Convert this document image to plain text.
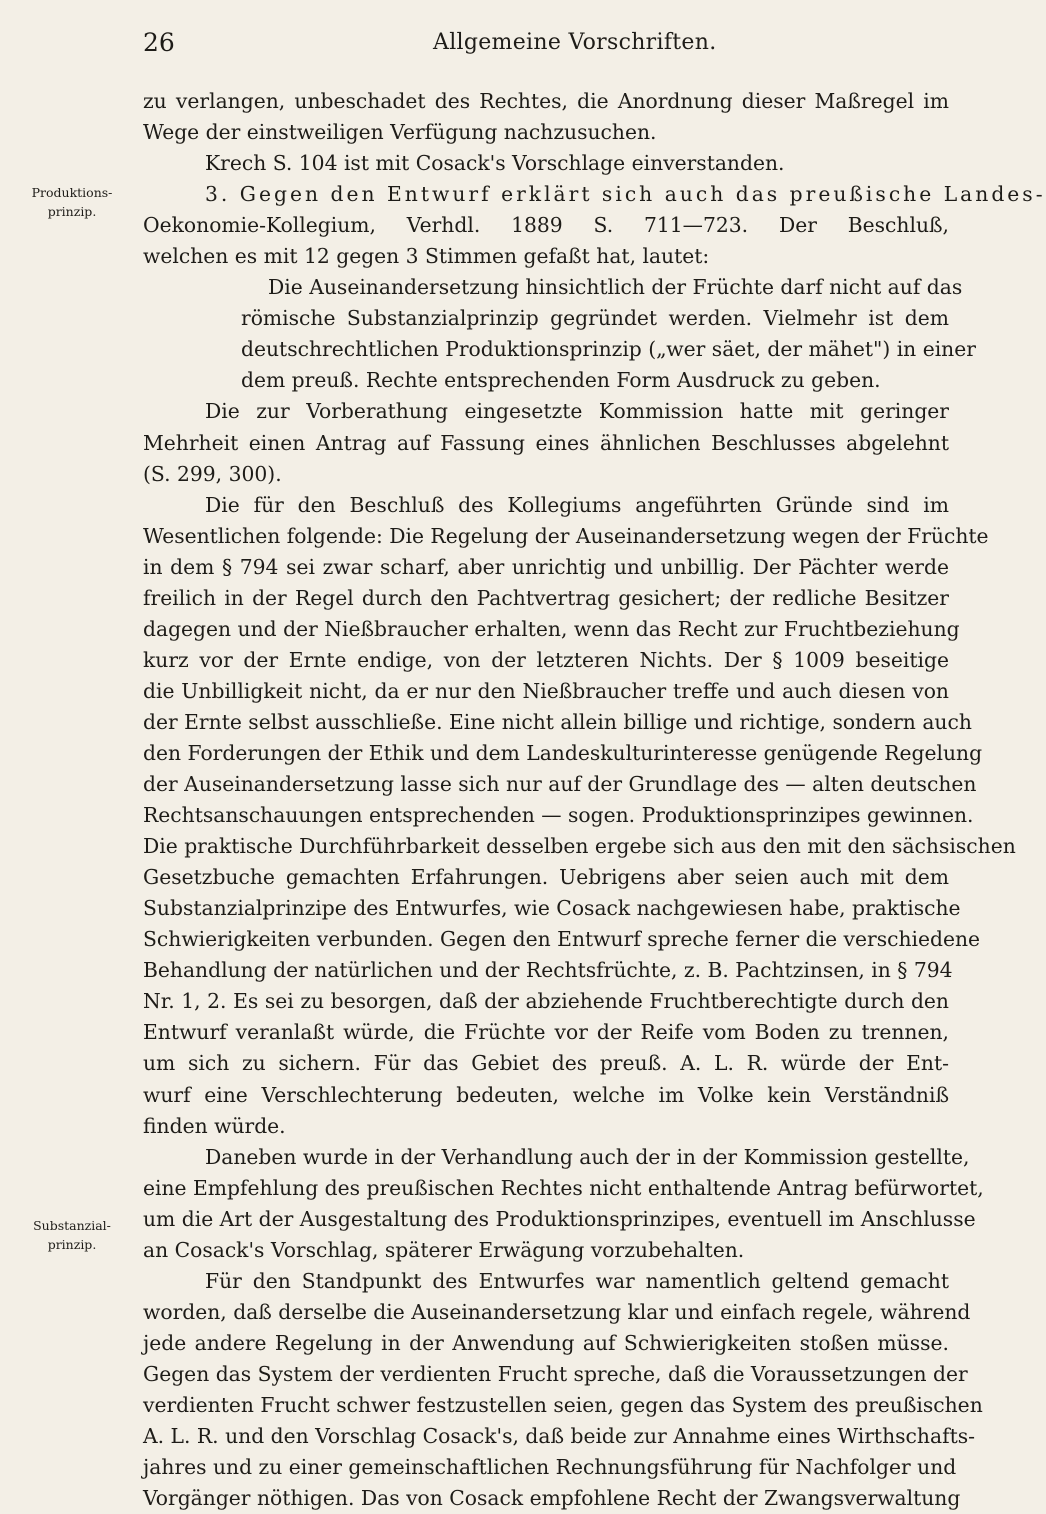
26	Allgemeine Vorschriften.
Produktions-
prinzip.
Substanzial-
prinzip.
zu verlangen, unbeschadet des Rechtes, die Anordnung dieser Maßregel im
Wege der einstweiligen Verfügung nachzusuchen.
Krech S. 104 ist mit Cosack's Vorschlage einverstanden.
3. Gegen den Entwurf erklärt sich auch das preußische Landes-
Oekonomie-Kollegium, Verhdl. 1889 S. 711—723. Der Beschluß,
welchen es mit 12 gegen 3 Stimmen gefaßt hat, lautet:
Die Auseinandersetzung hinsichtlich der Früchte darf nicht auf das
römische Substanzialprinzip gegründet werden. Vielmehr ist dem
deutschrechtlichen Produktionsprinzip („wer säet, der mähet") in einer
dem preuß. Rechte entsprechenden Form Ausdruck zu geben.
Die zur Vorberathung eingesetzte Kommission hatte mit geringer
Mehrheit einen Antrag auf Fassung eines ähnlichen Beschlusses abgelehnt
(S. 299, 300).
Die für den Beschluß des Kollegiums angeführten Gründe sind im
Wesentlichen folgende: Die Regelung der Auseinandersetzung wegen der Früchte
in dem § 794 sei zwar scharf, aber unrichtig und unbillig. Der Pächter werde
freilich in der Regel durch den Pachtvertrag gesichert; der redliche Besitzer
dagegen und der Nießbraucher erhalten, wenn das Recht zur Fruchtbeziehung
kurz vor der Ernte endige, von der letzteren Nichts. Der § 1009 beseitige
die Unbilligkeit nicht, da er nur den Nießbraucher treffe und auch diesen von
der Ernte selbst ausschließe. Eine nicht allein billige und richtige, sondern auch
den Forderungen der Ethik und dem Landeskulturinteresse genügende Regelung
der Auseinandersetzung lasse sich nur auf der Grundlage des — alten deutschen
Rechtsanschauungen entsprechenden — sogen. Produktionsprinzipes gewinnen.
Die praktische Durchführbarkeit desselben ergebe sich aus den mit den sächsischen
Gesetzbuche gemachten Erfahrungen. Uebrigens aber seien auch mit dem
Substanzialprinzipe des Entwurfes, wie Cosack nachgewiesen habe, praktische
Schwierigkeiten verbunden. Gegen den Entwurf spreche ferner die verschiedene
Behandlung der natürlichen und der Rechtsfrüchte, z. B. Pachtzinsen, in § 794
Nr. 1, 2. Es sei zu besorgen, daß der abziehende Fruchtberechtigte durch den
Entwurf veranlaßt würde, die Früchte vor der Reife vom Boden zu trennen,
um sich zu sichern. Für das Gebiet des preuß. A. L. R. würde der Ent-
wurf eine Verschlechterung bedeuten, welche im Volke kein Verständniß
finden würde.
Daneben wurde in der Verhandlung auch der in der Kommission gestellte,
eine Empfehlung des preußischen Rechtes nicht enthaltende Antrag befürwortet,
um die Art der Ausgestaltung des Produktionsprinzipes, eventuell im Anschlusse
an Cosack's Vorschlag, späterer Erwägung vorzubehalten.
Für den Standpunkt des Entwurfes war namentlich geltend gemacht
worden, daß derselbe die Auseinandersetzung klar und einfach regele, während
jede andere Regelung in der Anwendung auf Schwierigkeiten stoßen müsse.
Gegen das System der verdienten Frucht spreche, daß die Voraussetzungen der
verdienten Frucht schwer festzustellen seien, gegen das System des preußischen
A. L. R. und den Vorschlag Cosack's, daß beide zur Annahme eines Wirthschafts-
jahres und zu einer gemeinschaftlichen Rechnungsführung für Nachfolger und
Vorgänger nöthigen. Das von Cosack empfohlene Recht der Zwangsverwaltung
